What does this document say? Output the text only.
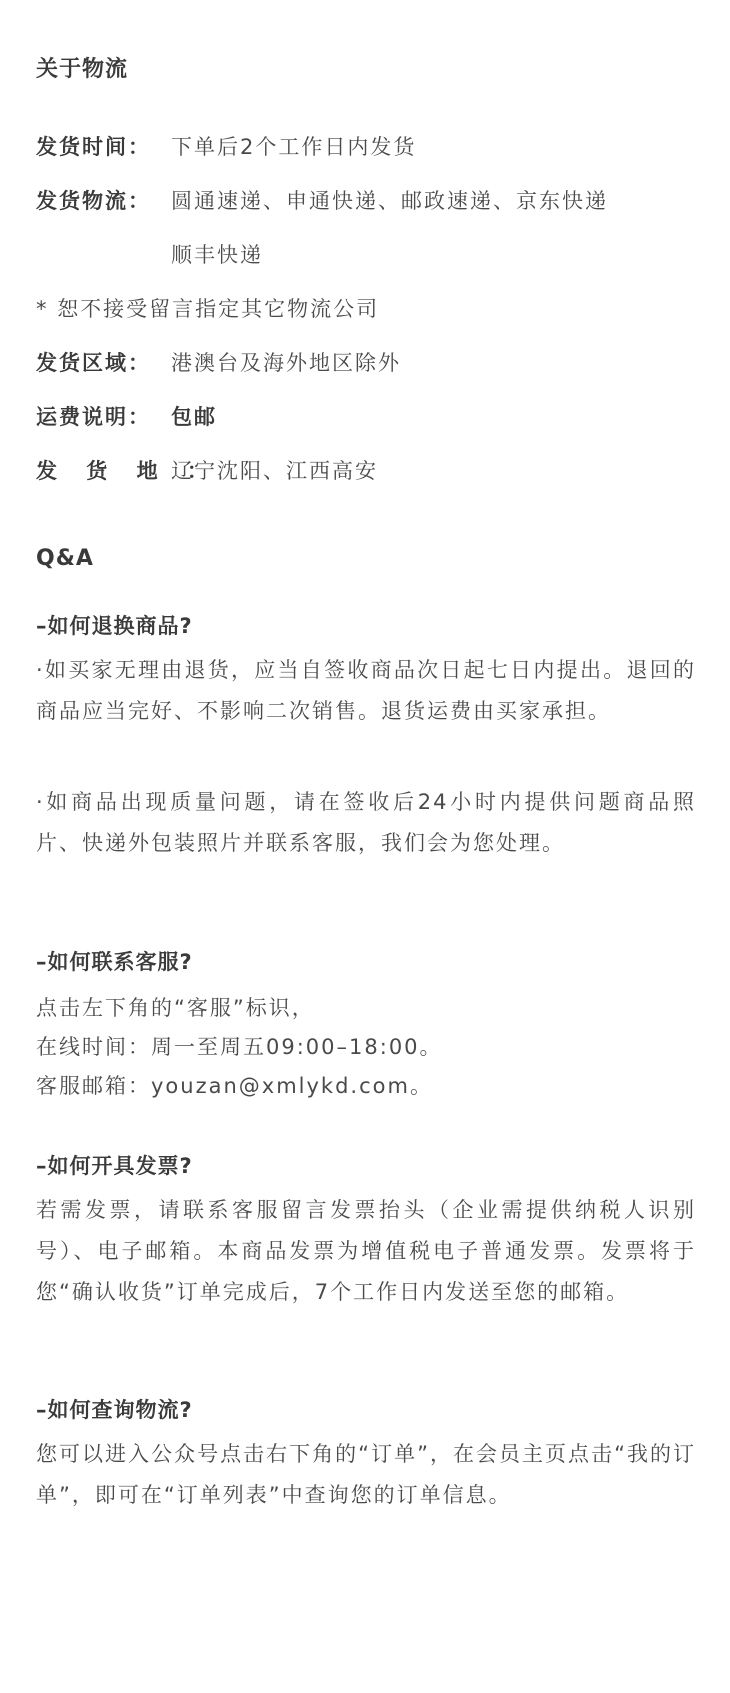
关于物流
发货时间： 下单后2个工作日内发货
发货物流： 圆通速递、申通快递、邮政速递、京东快递
顺丰快递
* 恕不接受留言指定其它物流公司
发货区域： 港澳台及海外地区除外
运费说明： 包邮
发 货 地 ：
辽宁沈阳、江西高安
Q&A
–如何退换商品?
·如买家无理由退货，应当自签收商品次日起七日内提出。退回的商品应当完好、不影响二次销售。退货运费由买家承担。
·如商品出现质量问题，请在签收后24小时内提供问题商品照片、快递外包装照片并联系客服，我们会为您处理。
–如何联系客服?
点击左下角的“客服”标识，
在线时间：周一至周五09:00–18:00。
客服邮箱：youzan@xmlykd.com。
–如何开具发票?
若需发票，请联系客服留言发票抬头（企业需提供纳税人识别号）、电子邮箱。本商品发票为增值税电子普通发票。发票将于您“确认收货”订单完成后，7个工作日内发送至您的邮箱。
–如何查询物流?
您可以进入公众号点击右下角的“订单”，在会员主页点击“我的订单”，即可在“订单列表”中查询您的订单信息。
